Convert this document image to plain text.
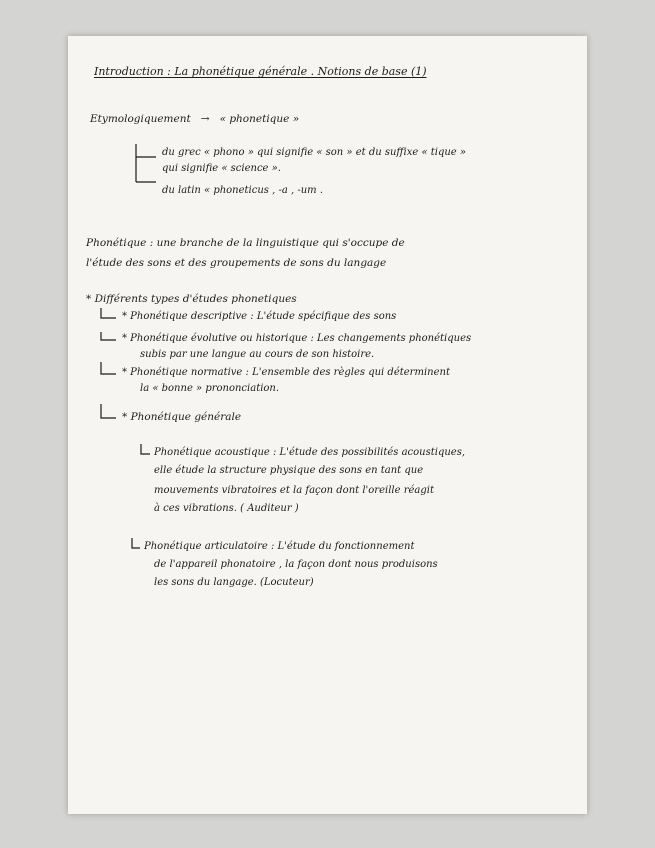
Introduction : La phonétique générale . Notions de base (1)
Etymologiquement → « phonetique »
du grec « phono » qui signifie « son » et du suffixe « tique »
qui signifie « science ».
du latin « phoneticus , -a , -um .
Phonétique : une branche de la linguistique qui s'occupe de
l'étude des sons et des groupements de sons du langage
* Différents types d'études phonetiques
* Phonétique descriptive : L'étude spécifique des sons
* Phonétique évolutive ou historique : Les changements phonétiques
subis par une langue au cours de son histoire.
* Phonétique normative : L'ensemble des règles qui déterminent
la « bonne » prononciation.
* Phonétique générale
Phonétique acoustique : L'étude des possibilités acoustiques,
elle étude la structure physique des sons en tant que
mouvements vibratoires et la façon dont l'oreille réagit
à ces vibrations. ( Auditeur )
Phonétique articulatoire : L'étude du fonctionnement
de l'appareil phonatoire , la façon dont nous produisons
les sons du langage. (Locuteur)
